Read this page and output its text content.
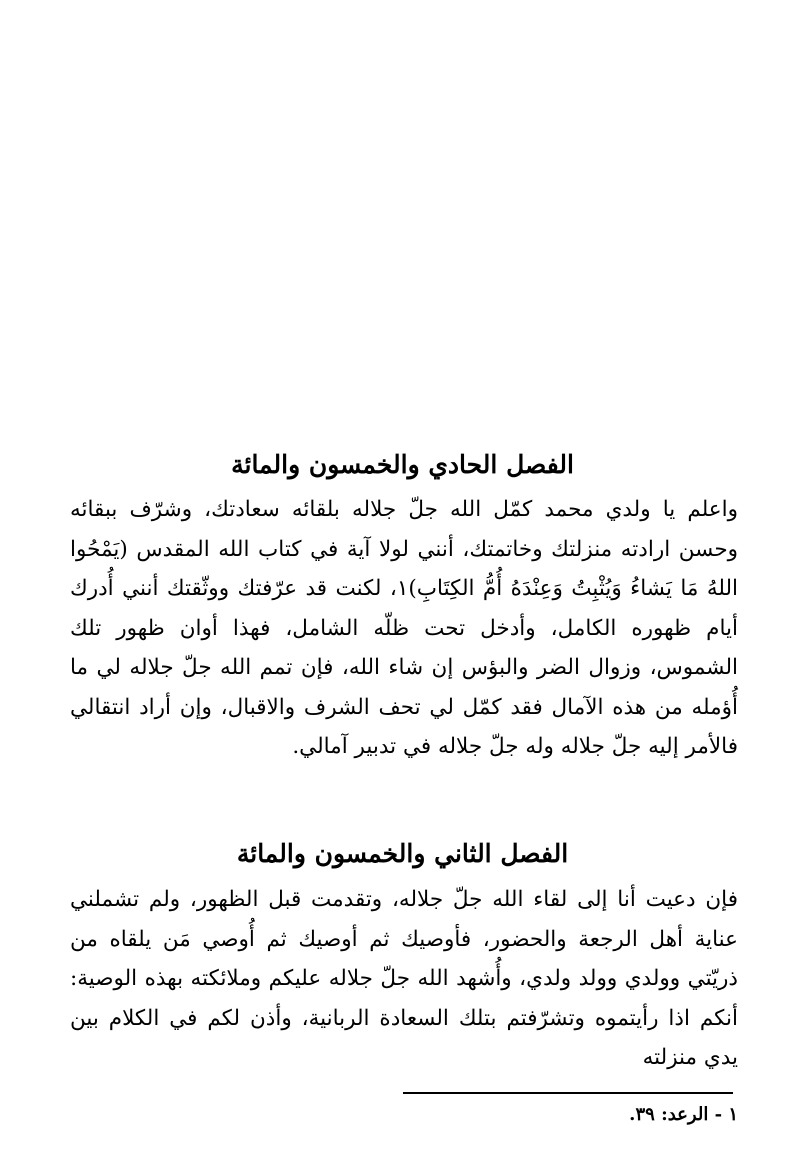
الفصل الحادي والخمسون والمائة

واعلم يا ولدي محمد كمّل الله جلّ جلاله بلقائه سعادتك، وشرّف ببقائه وحسن ارادته منزلتك وخاتمتك، أنني لولا آية في كتاب الله المقدس (يَمْحُوا اللهُ مَا يَشاءُ وَيُثْبِتُ وَعِنْدَهُ أُمُّ الكِتَابِ)١، لكنت قد عرّفتك ووثّقتك أنني أُدرك أيام ظهوره الكامل، وأدخل تحت ظلّه الشامل، فهذا أوان ظهور تلك الشموس، وزوال الضر والبؤس إن شاء الله، فإن تمم الله جلّ جلاله لي ما أُؤمله من هذه الآمال فقد كمّل لي تحف الشرف والاقبال، وإن أراد انتقالي فالأمر إليه جلّ جلاله وله جلّ جلاله في تدبير آمالي.

الفصل الثاني والخمسون والمائة

فإن دعيت أنا إلى لقاء الله جلّ جلاله، وتقدمت قبل الظهور، ولم تشملني عناية أهل الرجعة والحضور، فأوصيك ثم أوصيك ثم أُوصي مَن يلقاه من ذريّتي وولدي وولد ولدي، وأُشهد الله جلّ جلاله عليكم وملائكته بهذه الوصية: أنكم اذا رأيتموه وتشرّفتم بتلك السعادة الربانية، وأذن لكم في الكلام بين يدي منزلته

١ - الرعد: ٣٩.
